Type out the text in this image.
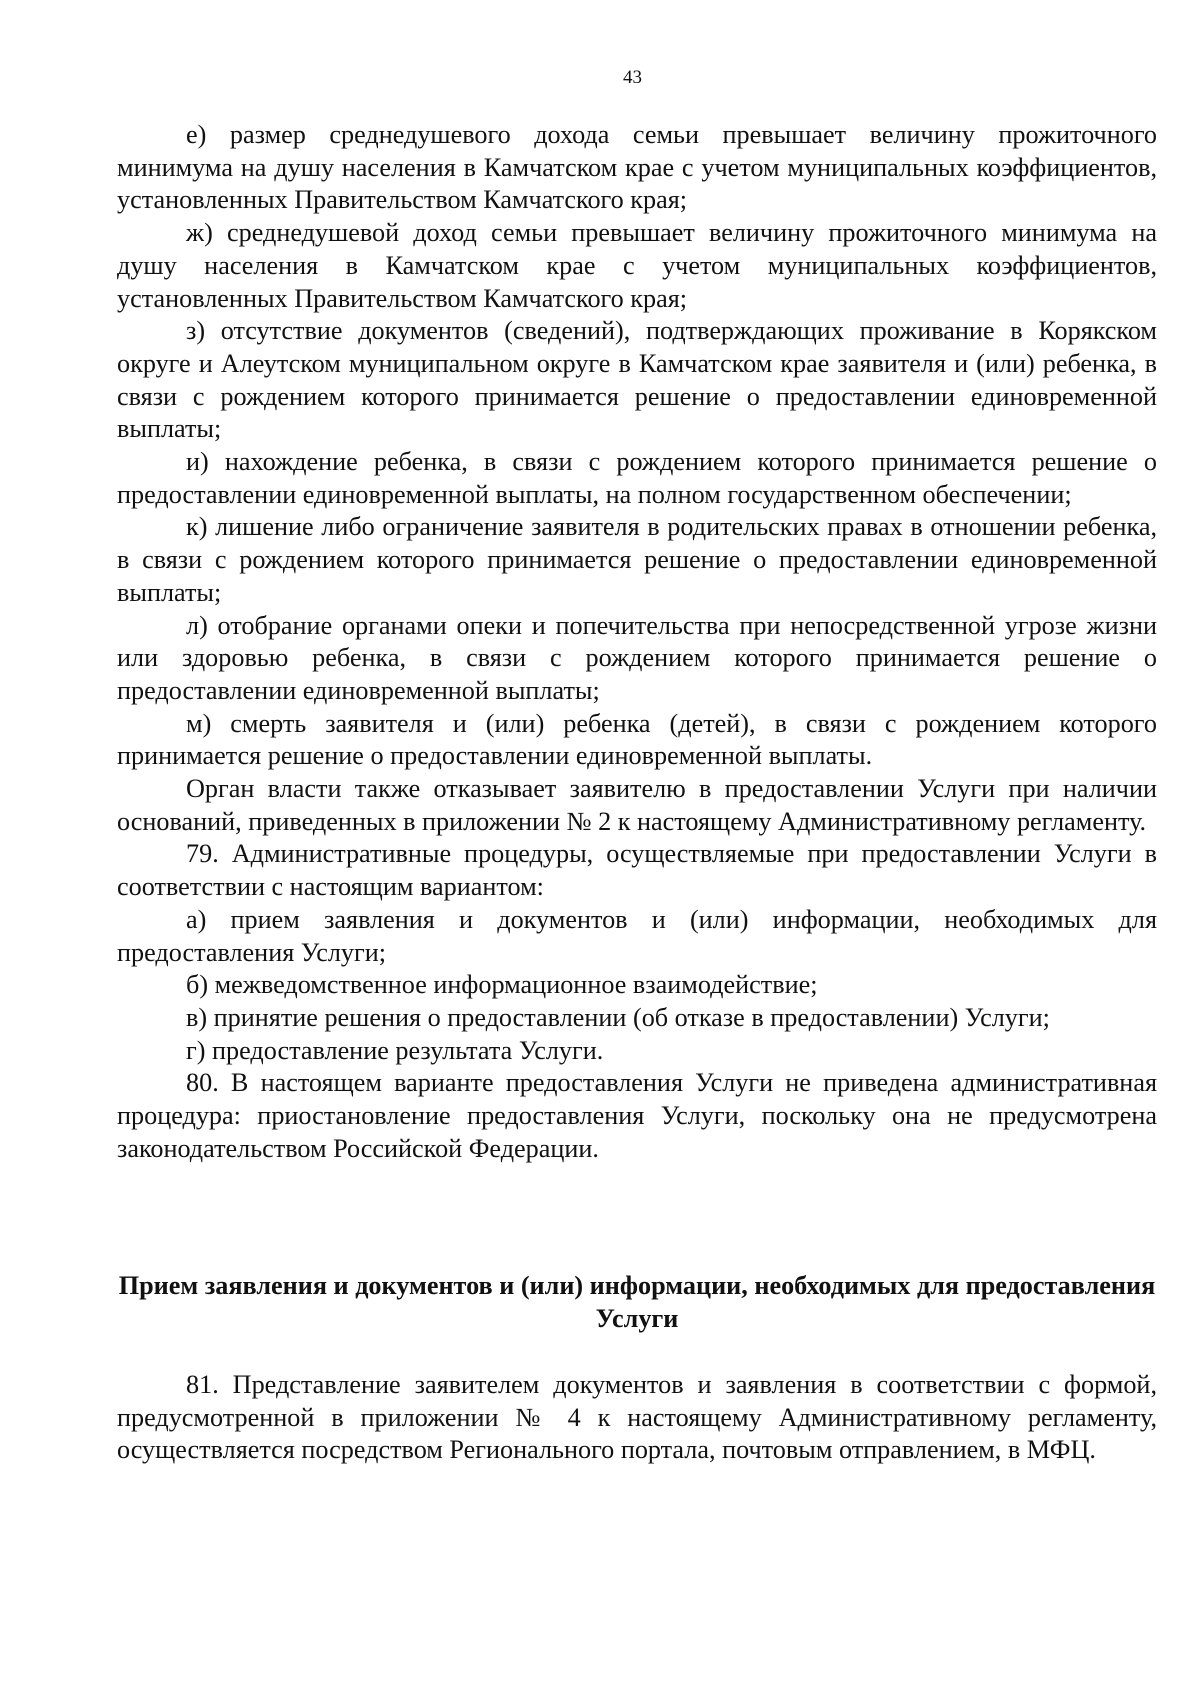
43

е) размер среднедушевого дохода семьи превышает величину прожиточного минимума на душу населения в Камчатском крае с учетом муниципальных коэффициентов, установленных Правительством Камчатского края;

ж) среднедушевой доход семьи превышает величину прожиточного минимума на душу населения в Камчатском крае с учетом муниципальных коэффициентов, установленных Правительством Камчатского края;

з) отсутствие документов (сведений), подтверждающих проживание в Корякском округе и Алеутском муниципальном округе в Камчатском крае заявителя и (или) ребенка, в связи с рождением которого принимается решение о предоставлении единовременной выплаты;

и) нахождение ребенка, в связи с рождением которого принимается решение о предоставлении единовременной выплаты, на полном государственном обеспечении;

к) лишение либо ограничение заявителя в родительских правах в отношении ребенка, в связи с рождением которого принимается решение о предоставлении единовременной выплаты;

л) отобрание органами опеки и попечительства при непосредственной угрозе жизни или здоровью ребенка, в связи с рождением которого принимается решение о предоставлении единовременной выплаты;

м) смерть заявителя и (или) ребенка (детей), в связи с рождением которого принимается решение о предоставлении единовременной выплаты.

Орган власти также отказывает заявителю в предоставлении Услуги при наличии оснований, приведенных в приложении № 2 к настоящему Административному регламенту.

79. Административные процедуры, осуществляемые при предоставлении Услуги в соответствии с настоящим вариантом:

а) прием заявления и документов и (или) информации, необходимых для предоставления Услуги;

б) межведомственное информационное взаимодействие;

в) принятие решения о предоставлении (об отказе в предоставлении) Услуги;

г) предоставление результата Услуги.

80. В настоящем варианте предоставления Услуги не приведена административная процедура: приостановление предоставления Услуги, поскольку она не предусмотрена законодательством Российской Федерации.

Прием заявления и документов и (или) информации, необходимых для предоставления Услуги

81. Представление заявителем документов и заявления в соответствии с формой, предусмотренной в приложении № 4 к настоящему Административному регламенту, осуществляется посредством Регионального портала, почтовым отправлением, в МФЦ.
